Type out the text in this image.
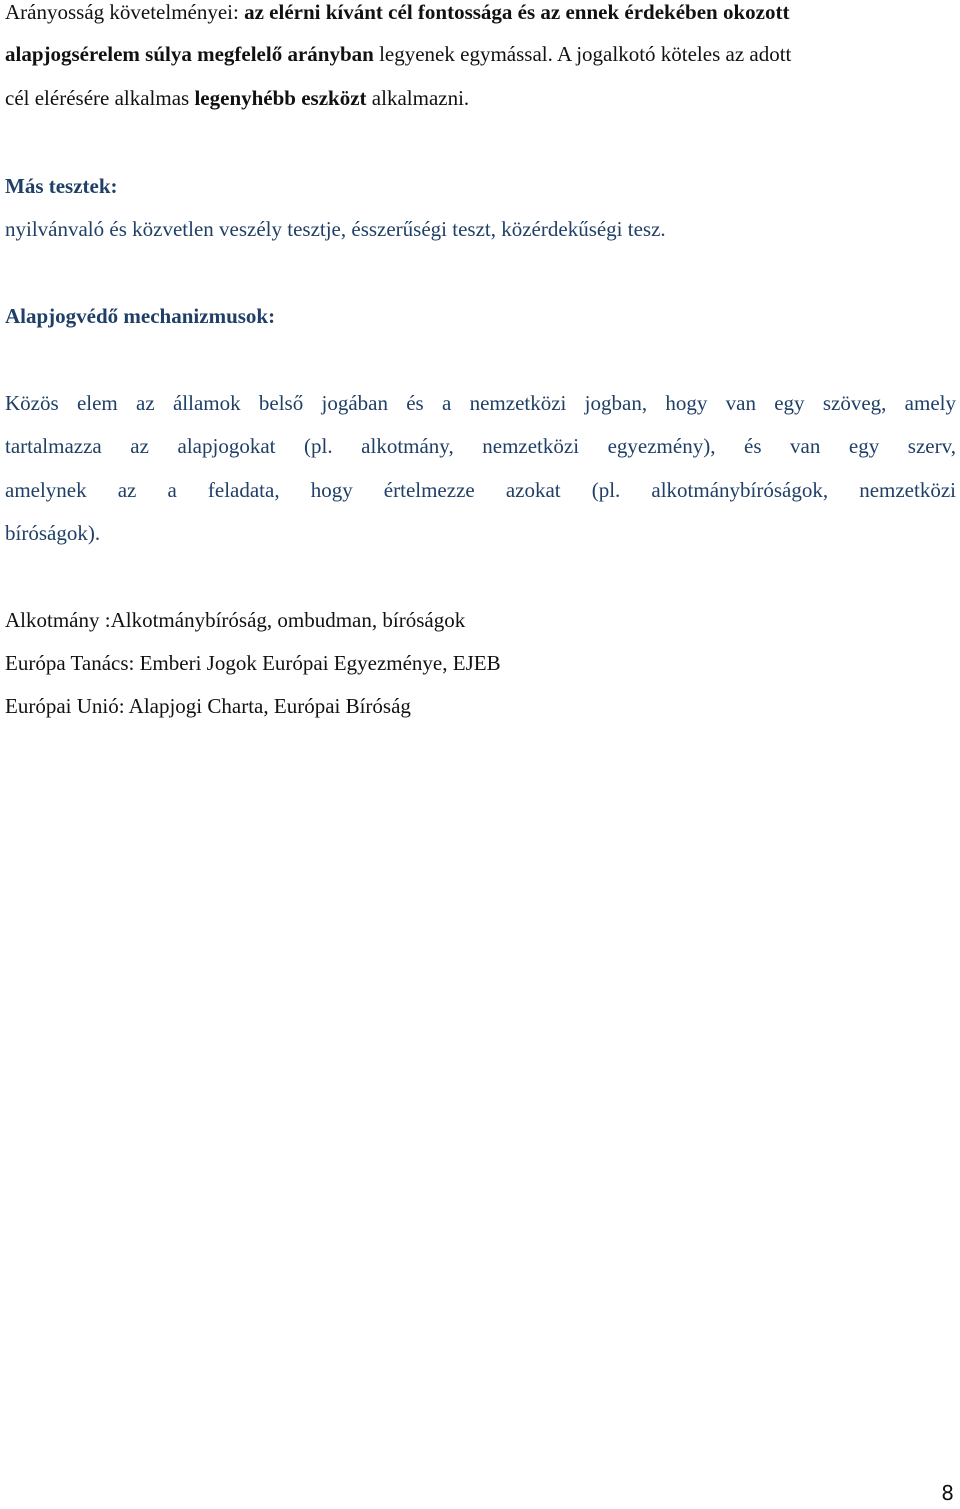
Arányosság követelményei: az elérni kívánt cél fontossága és az ennek érdekében okozott
alapjogsérelem súlya megfelelő arányban legyenek egymással. A jogalkotó köteles az adott
cél elérésére alkalmas legenyhébb eszközt alkalmazni.
Más tesztek:
nyilvánvaló és közvetlen veszély tesztje, ésszerűségi teszt, közérdekűségi tesz.
Alapjogvédő mechanizmusok:
Közös elem az államok belső jogában és a nemzetközi jogban, hogy van egy szöveg, amely
tartalmazza az alapjogokat (pl. alkotmány, nemzetközi egyezmény), és van egy szerv,
amelynek az a feladata, hogy értelmezze azokat (pl. alkotmánybíróságok, nemzetközi
bíróságok).
Alkotmány :Alkotmánybíróság, ombudman, bíróságok
Európa Tanács: Emberi Jogok Európai Egyezménye, EJEB
Európai Unió: Alapjogi Charta, Európai Bíróság
8
